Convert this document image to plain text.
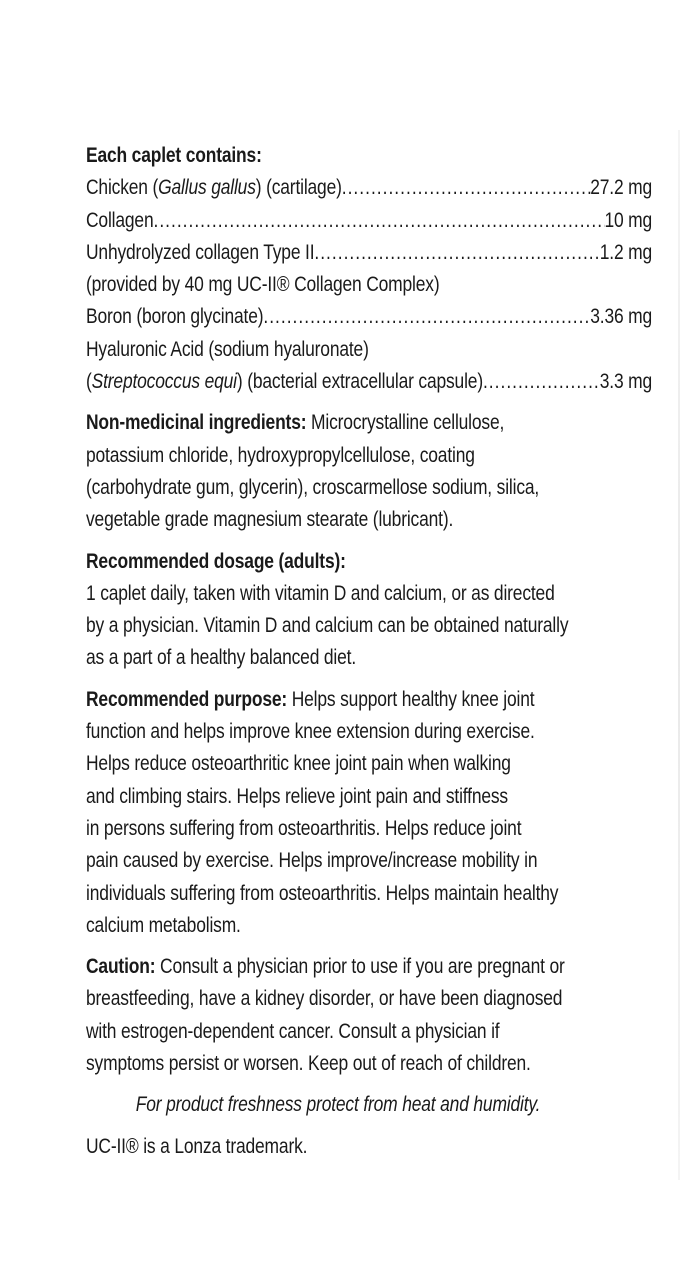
Each caplet contains:

Chicken (Gallus gallus) (cartilage) .....	27.2 mg
Collagen .....	10 mg
Unhydrolyzed collagen Type II .....	1.2 mg

(provided by 40 mg UC-II® Collagen Complex)

Boron (boron glycinate) .....	3.36 mg

Hyaluronic Acid (sodium hyaluronate)

(Streptococcus equi) (bacterial extracellular capsule) .....	3.3 mg

Non-medicinal ingredients: Microcrystalline cellulose,

potassium chloride, hydroxypropylcellulose, coating

(carbohydrate gum, glycerin), croscarmellose sodium, silica,

vegetable grade magnesium stearate (lubricant).

Recommended dosage (adults):

1 caplet daily, taken with vitamin D and calcium, or as directed

by a physician. Vitamin D and calcium can be obtained naturally

as a part of a healthy balanced diet.

Recommended purpose: Helps support healthy knee joint

function and helps improve knee extension during exercise.

Helps reduce osteoarthritic knee joint pain when walking

and climbing stairs. Helps relieve joint pain and stiffness

in persons suffering from osteoarthritis. Helps reduce joint

pain caused by exercise. Helps improve/increase mobility in

individuals suffering from osteoarthritis. Helps maintain healthy

calcium metabolism.

Caution: Consult a physician prior to use if you are pregnant or

breastfeeding, have a kidney disorder, or have been diagnosed

with estrogen-dependent cancer. Consult a physician if

symptoms persist or worsen. Keep out of reach of children.

For product freshness protect from heat and humidity.

UC-II® is a Lonza trademark.
